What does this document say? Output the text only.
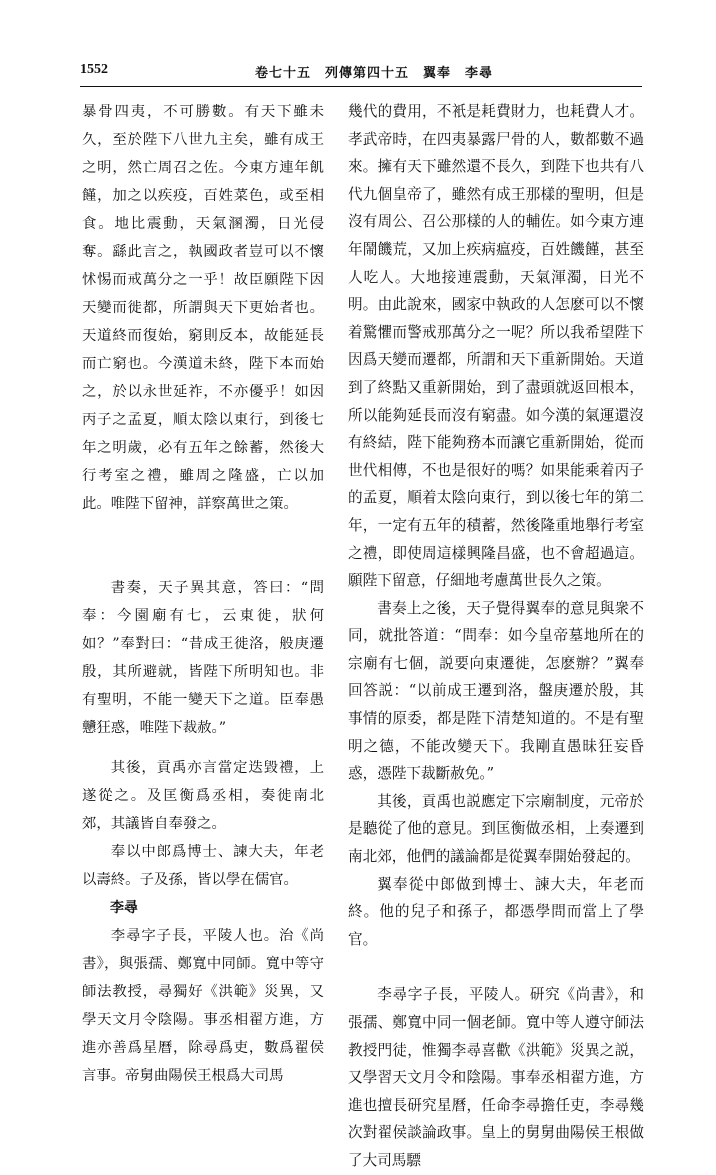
1552	卷七十五　列傳第四十五　翼奉　李尋

暴骨四夷，不可勝數。有天下雖未久，至於陛下八世九主矣，雖有成王之明，然亡周召之佐。今東方連年飢饉，加之以疾疫，百姓菜色，或至相食。地比震動，天氣溷濁，日光侵奪。繇此言之，執國政者豈可以不懷怵惕而戒萬分之一乎！故臣願陛下因天變而徙都，所謂與天下更始者也。天道終而復始，窮則反本，故能延長而亡窮也。今漢道未終，陛下本而始之，於以永世延祚，不亦優乎！如因丙子之孟夏，順太陰以東行，到後七年之明歲，必有五年之餘蓄，然後大行考室之禮，雖周之隆盛，亡以加此。唯陛下留神，詳察萬世之策。

書奏，天子異其意，答曰：“問奉：今園廟有七，云東徙，狀何如？”奉對曰：“昔成王徙洛，般庚遷殷，其所避就，皆陛下所明知也。非有聖明，不能一變天下之道。臣奉愚戇狂惑，唯陛下裁赦。”

其後，貢禹亦言當定迭毀禮，上遂從之。及匡衡爲丞相，奏徙南北郊，其議皆自奉發之。

奉以中郎爲博士、諫大夫，年老以壽終。子及孫，皆以學在儒官。

李尋

李尋字子長，平陵人也。治《尚書》，與張孺、鄭寬中同師。寬中等守師法教授，尋獨好《洪範》災異，又學天文月令陰陽。事丞相翟方進，方進亦善爲星曆，除尋爲吏，數爲翟侯言事。帝舅曲陽侯王根爲大司馬

幾代的費用，不衹是耗費財力，也耗費人才。孝武帝時，在四夷暴露尸骨的人，數都數不過來。擁有天下雖然還不長久，到陛下也共有八代九個皇帝了，雖然有成王那樣的聖明，但是沒有周公、召公那樣的人的輔佐。如今東方連年鬧饑荒，又加上疾病瘟疫，百姓饑饉，甚至人吃人。大地接連震動，天氣渾濁，日光不明。由此說來，國家中執政的人怎麽可以不懷着驚懼而警戒那萬分之一呢？所以我希望陛下因爲天變而遷都，所謂和天下重新開始。天道到了終點又重新開始，到了盡頭就返回根本，所以能夠延長而沒有窮盡。如今漢的氣運還沒有終結，陛下能夠務本而讓它重新開始，從而世代相傳，不也是很好的嗎？如果能乘着丙子的孟夏，順着太陰向東行，到以後七年的第二年，一定有五年的積蓄，然後隆重地舉行考室之禮，即使周這樣興隆昌盛，也不會超過這。願陛下留意，仔細地考慮萬世長久之策。

書奏上之後，天子覺得翼奉的意見與衆不同，就批答道：“問奉：如今皇帝墓地所在的宗廟有七個，説要向東遷徙，怎麽辦？”翼奉回答説：“以前成王遷到洛，盤庚遷於殷，其事情的原委，都是陛下清楚知道的。不是有聖明之德，不能改變天下。我剛直愚昧狂妄昏惑，憑陛下裁斷赦免。”

其後，貢禹也説應定下宗廟制度，元帝於是聽從了他的意見。到匡衡做丞相，上奏遷到南北郊，他們的議論都是從翼奉開始發起的。

翼奉從中郎做到博士、諫大夫，年老而終。他的兒子和孫子，都憑學問而當上了學官。

李尋字子長，平陵人。研究《尚書》，和張孺、鄭寬中同一個老師。寬中等人遵守師法教授門徒，惟獨李尋喜歡《洪範》災異之説，又學習天文月令和陰陽。事奉丞相翟方進，方進也擅長研究星曆，任命李尋擔任吏，李尋幾次對翟侯談論政事。皇上的舅舅曲陽侯王根做了大司馬驃
